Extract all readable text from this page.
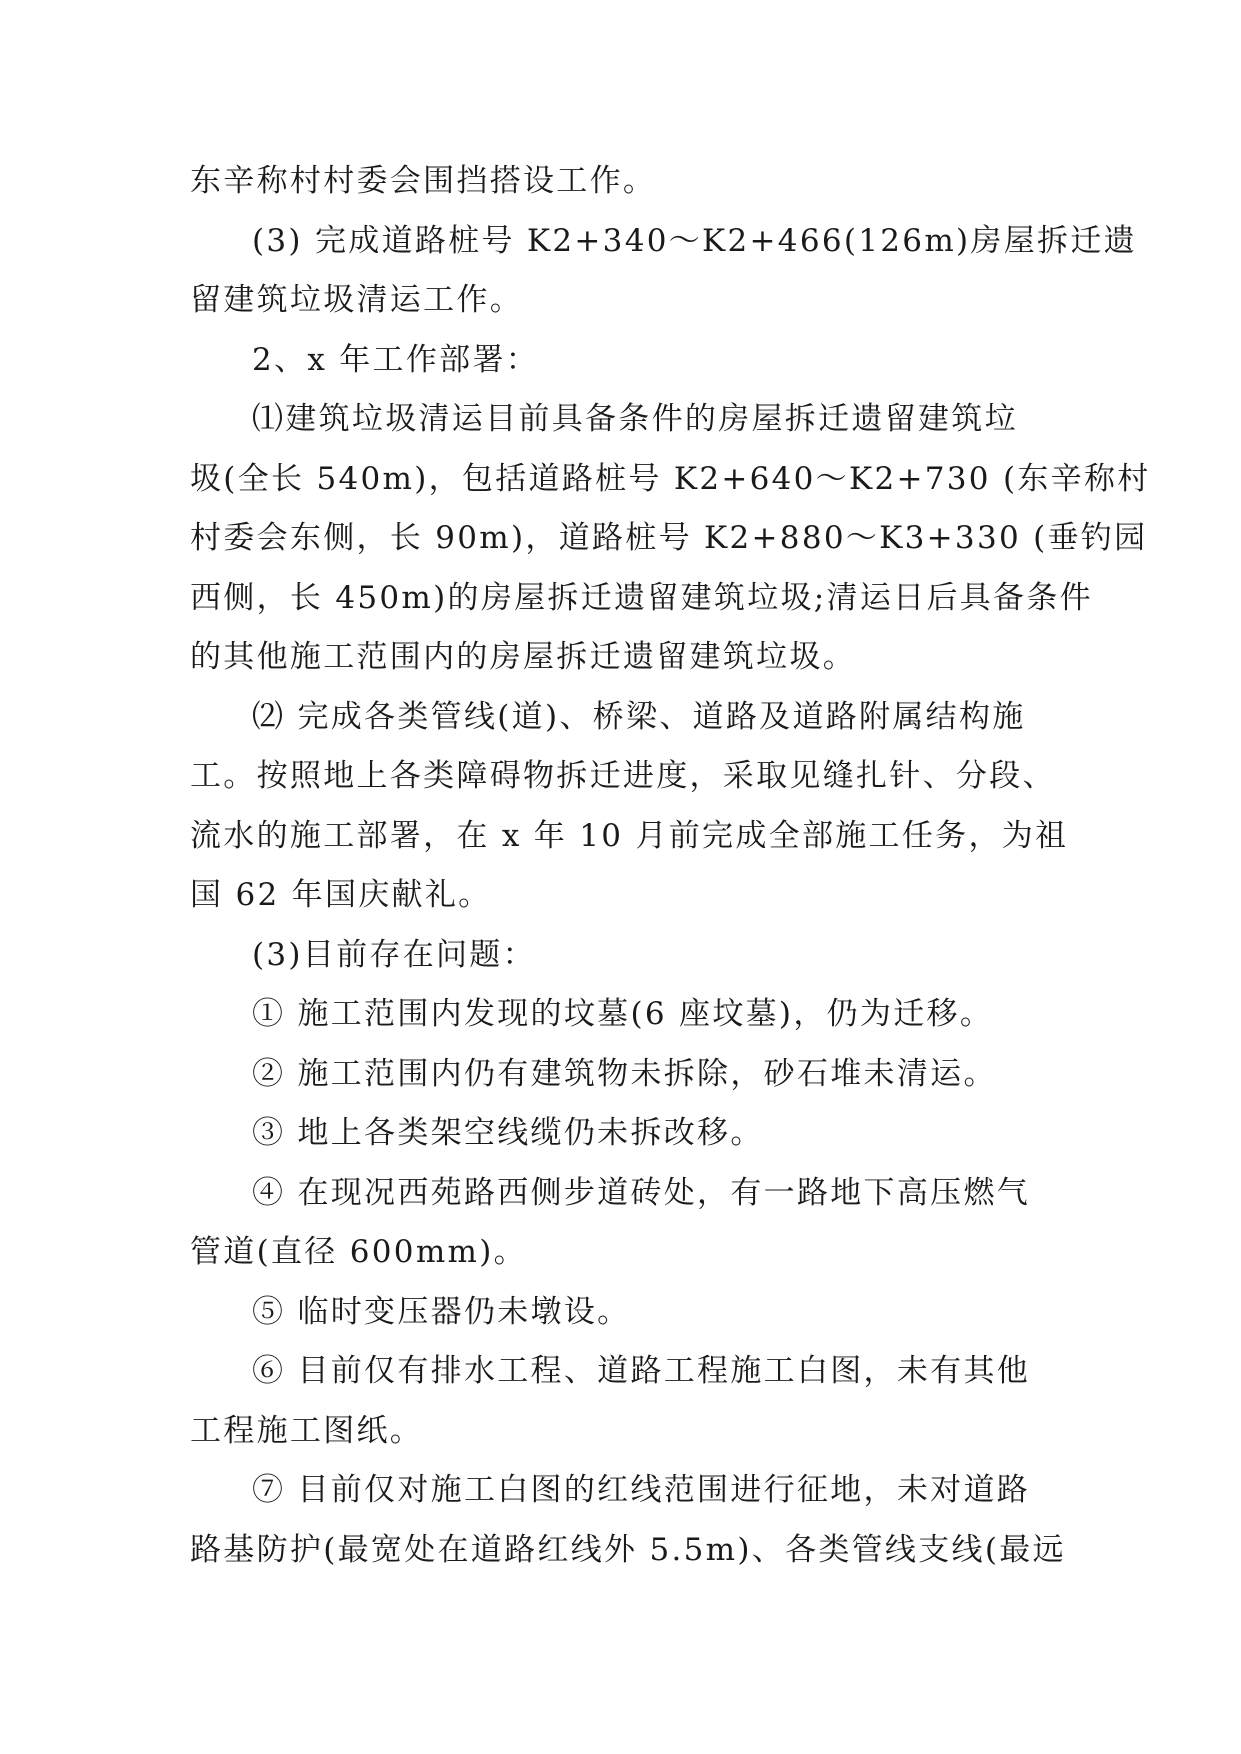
东辛称村村委会围挡搭设工作。
(3) 完成道路桩号 K2+340～K2+466(126m)房屋拆迁遗
留建筑垃圾清运工作。
2、x 年工作部署：
⑴建筑垃圾清运目前具备条件的房屋拆迁遗留建筑垃
圾(全长 540m)，包括道路桩号 K2+640～K2+730 (东辛称村
村委会东侧，长 90m)，道路桩号 K2+880～K3+330 (垂钓园
西侧，长 450m)的房屋拆迁遗留建筑垃圾;清运日后具备条件
的其他施工范围内的房屋拆迁遗留建筑垃圾。
⑵ 完成各类管线(道)、桥梁、道路及道路附属结构施
工。按照地上各类障碍物拆迁进度，采取见缝扎针、分段、
流水的施工部署，在 x 年 10 月前完成全部施工任务，为祖
国 62 年国庆献礼。
(3)目前存在问题：
① 施工范围内发现的坟墓(6 座坟墓)，仍为迁移。
② 施工范围内仍有建筑物未拆除，砂石堆未清运。
③ 地上各类架空线缆仍未拆改移。
④ 在现况西苑路西侧步道砖处，有一路地下高压燃气
管道(直径 600mm)。
⑤ 临时变压器仍未墩设。
⑥ 目前仅有排水工程、道路工程施工白图，未有其他
工程施工图纸。
⑦ 目前仅对施工白图的红线范围进行征地，未对道路
路基防护(最宽处在道路红线外 5.5m)、各类管线支线(最远
